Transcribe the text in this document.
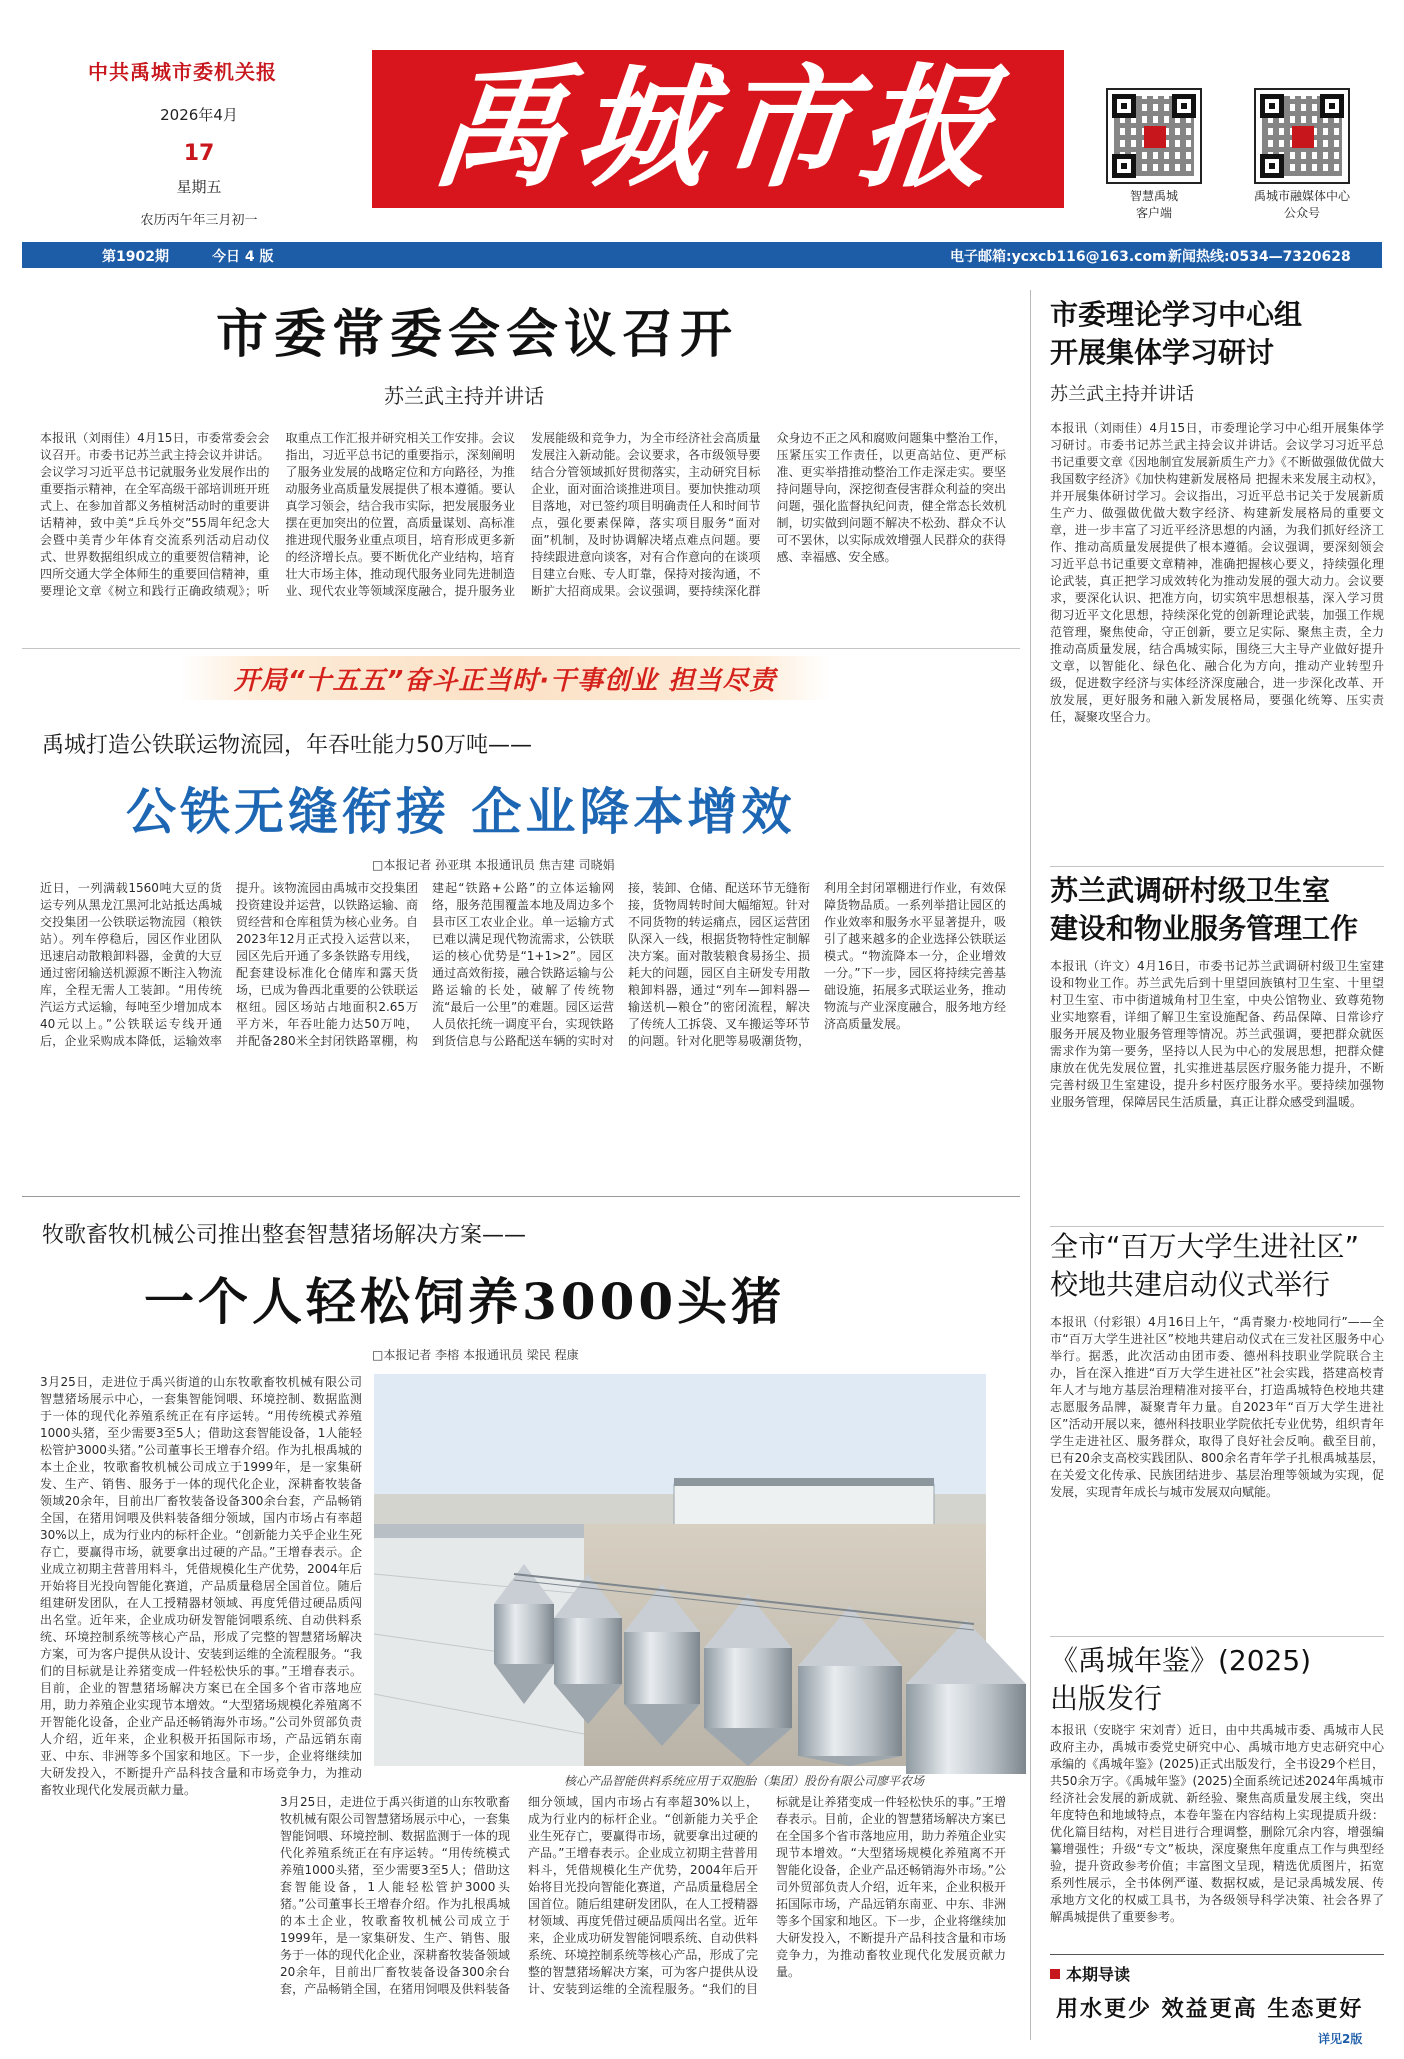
中共禹城市委机关报
2026年4月
17
星期五
农历丙午年三月初一
禹城市报	智慧禹城
客户端
禹城市融媒体中心
公众号
第1902期	今日 4 版	电子邮箱:ycxcb116@163.com 新闻热线:0534—7320628
市委常委会会议召开
苏兰武主持并讲话
本报讯（刘雨佳）4月15日，市委常委会会议召开。市委书记苏兰武主持会议并讲话。会议学习习近平总书记就服务业发展作出的重要指示精神，在全军高级干部培训班开班式上、在参加首都义务植树活动时的重要讲话精神，致中美“乒乓外交”55周年纪念大会暨中美青少年体育交流系列活动启动仪式、世界数据组织成立的重要贺信精神，论四所交通大学全体师生的重要回信精神，重要理论文章《树立和践行正确政绩观》；听取重点工作汇报并研究相关工作安排。会议指出，习近平总书记的重要指示，深刻阐明了服务业发展的战略定位和方向路径，为推动服务业高质量发展提供了根本遵循。要认真学习领会，结合我市实际，把发展服务业摆在更加突出的位置，高质量谋划、高标准推进现代服务业重点项目，培育形成更多新的经济增长点。要不断优化产业结构，培育壮大市场主体，推动现代服务业同先进制造业、现代农业等领域深度融合，提升服务业发展能级和竞争力，为全市经济社会高质量发展注入新动能。会议要求，各市级领导要结合分管领域抓好贯彻落实，主动研究目标企业，面对面洽谈推进项目。要加快推动项目落地，对已签约项目明确责任人和时间节点，强化要素保障，落实项目服务“面对面”机制，及时协调解决堵点难点问题。要持续跟进意向谈客，对有合作意向的在谈项目建立台账、专人盯靠，保持对接沟通，不断扩大招商成果。会议强调，要持续深化群众身边不正之风和腐败问题集中整治工作，压紧压实工作责任，以更高站位、更严标准、更实举措推动整治工作走深走实。要坚持问题导向，深挖彻查侵害群众利益的突出问题，强化监督执纪问责，健全常态长效机制，切实做到问题不解决不松劲、群众不认可不罢休，以实际成效增强人民群众的获得感、幸福感、安全感。
开局“十五五”奋斗正当时·干事创业 担当尽责
禹城打造公铁联运物流园，年吞吐能力50万吨——
公铁无缝衔接 企业降本增效
□本报记者 孙亚琪 本报通讯员 焦吉建 司晓娟
近日，一列满载1560吨大豆的货运专列从黑龙江黑河北站抵达禹城交投集团一公铁联运物流园（粮铁站）。列车停稳后，园区作业团队迅速启动散粮卸料器，金黄的大豆通过密闭输送机源源不断注入物流库，全程无需人工装卸。“用传统汽运方式运输，每吨至少增加成本40元以上。”公铁联运专线开通后，企业采购成本降低，运输效率提升。该物流园由禹城市交投集团投资建设并运营，以铁路运输、商贸经营和仓库租赁为核心业务。自2023年12月正式投入运营以来，园区先后开通了多条铁路专用线，配套建设标准化仓储库和露天货场，已成为鲁西北重要的公铁联运枢纽。园区场站占地面积2.65万平方米，年吞吐能力达50万吨，并配备280米全封闭铁路罩棚，构建起“铁路+公路”的立体运输网络，服务范围覆盖本地及周边多个县市区工农业企业。单一运输方式已难以满足现代物流需求，公铁联运的核心优势是“1+1>2”。园区通过高效衔接，融合铁路运输与公路运输的长处，破解了传统物流“最后一公里”的难题。园区运营人员依托统一调度平台，实现铁路到货信息与公路配送车辆的实时对接，装卸、仓储、配送环节无缝衔接，货物周转时间大幅缩短。针对不同货物的转运痛点，园区运营团队深入一线，根据货物特性定制解决方案。面对散装粮食易扬尘、损耗大的问题，园区自主研发专用散粮卸料器，通过“列车—卸料器—输送机—粮仓”的密闭流程，解决了传统人工拆袋、叉车搬运等环节的问题。针对化肥等易吸潮货物，利用全封闭罩棚进行作业，有效保障货物品质。一系列举措让园区的作业效率和服务水平显著提升，吸引了越来越多的企业选择公铁联运模式。“物流降本一分，企业增效一分。”下一步，园区将持续完善基础设施，拓展多式联运业务，推动物流与产业深度融合，服务地方经济高质量发展。
牧歌畜牧机械公司推出整套智慧猪场解决方案——
一个人轻松饲养3000头猪
□本报记者 李榕 本报通讯员 梁民 程康
3月25日，走进位于禹兴街道的山东牧歌畜牧机械有限公司智慧猪场展示中心，一套集智能饲喂、环境控制、数据监测于一体的现代化养殖系统正在有序运转。“用传统模式养殖1000头猪，至少需要3至5人；借助这套智能设备，1人能轻松管护3000头猪。”公司董事长王增春介绍。作为扎根禹城的本土企业，牧歌畜牧机械公司成立于1999年，是一家集研发、生产、销售、服务于一体的现代化企业，深耕畜牧装备领域20余年，目前出厂畜牧装备设备300余台套，产品畅销全国，在猪用饲喂及供料装备细分领域，国内市场占有率超30%以上，成为行业内的标杆企业。“创新能力关乎企业生死存亡，要赢得市场，就要拿出过硬的产品。”王增春表示。企业成立初期主营普用料斗，凭借规模化生产优势，2004年后开始将目光投向智能化赛道，产品质量稳居全国首位。随后组建研发团队，在人工授精器材领域、再度凭借过硬品质闯出名堂。近年来，企业成功研发智能饲喂系统、自动供料系统、环境控制系统等核心产品，形成了完整的智慧猪场解决方案，可为客户提供从设计、安装到运维的全流程服务。“我们的目标就是让养猪变成一件轻松快乐的事。”王增春表示。目前，企业的智慧猪场解决方案已在全国多个省市落地应用，助力养殖企业实现节本增效。“大型猪场规模化养殖离不开智能化设备，企业产品还畅销海外市场。”公司外贸部负责人介绍，近年来，企业积极开拓国际市场，产品远销东南亚、中东、非洲等多个国家和地区。下一步，企业将继续加大研发投入，不断提升产品科技含量和市场竞争力，为推动畜牧业现代化发展贡献力量。
核心产品智能供料系统应用于双胞胎（集团）股份有限公司廖平农场
3月25日，走进位于禹兴街道的山东牧歌畜牧机械有限公司智慧猪场展示中心，一套集智能饲喂、环境控制、数据监测于一体的现代化养殖系统正在有序运转。“用传统模式养殖1000头猪，至少需要3至5人；借助这套智能设备，1人能轻松管护3000头猪。”公司董事长王增春介绍。作为扎根禹城的本土企业，牧歌畜牧机械公司成立于1999年，是一家集研发、生产、销售、服务于一体的现代化企业，深耕畜牧装备领域20余年，目前出厂畜牧装备设备300余台套，产品畅销全国，在猪用饲喂及供料装备细分领域，国内市场占有率超30%以上，成为行业内的标杆企业。“创新能力关乎企业生死存亡，要赢得市场，就要拿出过硬的产品。”王增春表示。企业成立初期主营普用料斗，凭借规模化生产优势，2004年后开始将目光投向智能化赛道，产品质量稳居全国首位。随后组建研发团队，在人工授精器材领域、再度凭借过硬品质闯出名堂。近年来，企业成功研发智能饲喂系统、自动供料系统、环境控制系统等核心产品，形成了完整的智慧猪场解决方案，可为客户提供从设计、安装到运维的全流程服务。“我们的目标就是让养猪变成一件轻松快乐的事。”王增春表示。目前，企业的智慧猪场解决方案已在全国多个省市落地应用，助力养殖企业实现节本增效。“大型猪场规模化养殖离不开智能化设备，企业产品还畅销海外市场。”公司外贸部负责人介绍，近年来，企业积极开拓国际市场，产品远销东南亚、中东、非洲等多个国家和地区。下一步，企业将继续加大研发投入，不断提升产品科技含量和市场竞争力，为推动畜牧业现代化发展贡献力量。
市委理论学习中心组
开展集体学习研讨
苏兰武主持并讲话
本报讯（刘雨佳）4月15日，市委理论学习中心组开展集体学习研讨。市委书记苏兰武主持会议并讲话。会议学习习近平总书记重要文章《因地制宜发展新质生产力》《不断做强做优做大我国数字经济》《加快构建新发展格局 把握未来发展主动权》，并开展集体研讨学习。会议指出，习近平总书记关于发展新质生产力、做强做优做大数字经济、构建新发展格局的重要文章，进一步丰富了习近平经济思想的内涵，为我们抓好经济工作、推动高质量发展提供了根本遵循。会议强调，要深刻领会习近平总书记重要文章精神，准确把握核心要义，持续强化理论武装，真正把学习成效转化为推动发展的强大动力。会议要求，要深化认识、把准方向，切实筑牢思想根基，深入学习贯彻习近平文化思想，持续深化党的创新理论武装，加强工作规范管理，聚焦使命，守正创新，要立足实际、聚焦主责，全力推动高质量发展，结合禹城实际，围绕三大主导产业做好提升文章，以智能化、绿色化、融合化为方向，推动产业转型升级，促进数字经济与实体经济深度融合，进一步深化改革、开放发展，更好服务和融入新发展格局，要强化统筹、压实责任，凝聚攻坚合力。
苏兰武调研村级卫生室
建设和物业服务管理工作
本报讯（许文）4月16日，市委书记苏兰武调研村级卫生室建设和物业工作。苏兰武先后到十里望回族镇村卫生室、十里望村卫生室、市中街道城角村卫生室，中央公馆物业、致尊苑物业实地察看，详细了解卫生室设施配备、药品保障、日常诊疗服务开展及物业服务管理等情况。苏兰武强调，要把群众就医需求作为第一要务，坚持以人民为中心的发展思想，把群众健康放在优先发展位置，扎实推进基层医疗服务能力提升，不断完善村级卫生室建设，提升乡村医疗服务水平。要持续加强物业服务管理，保障居民生活质量，真正让群众感受到温暖。
全市“百万大学生进社区”
校地共建启动仪式举行
本报讯（付彩银）4月16日上午，“禹青聚力·校地同行”——全市“百万大学生进社区”校地共建启动仪式在三发社区服务中心举行。据悉，此次活动由团市委、德州科技职业学院联合主办，旨在深入推进“百万大学生进社区”社会实践，搭建高校青年人才与地方基层治理精准对接平台，打造禹城特色校地共建志愿服务品牌，凝聚青年力量。自2023年“百万大学生进社区”活动开展以来，德州科技职业学院依托专业优势，组织青年学生走进社区、服务群众，取得了良好社会反响。截至目前，已有20余支高校实践团队、800余名青年学子扎根禹城基层，在关爱文化传承、民族团结进步、基层治理等领域为实现，促发展，实现青年成长与城市发展双向赋能。
《禹城年鉴》(2025)
出版发行
本报讯（安晓宇 宋刘青）近日，由中共禹城市委、禹城市人民政府主办，禹城市委党史研究中心、禹城市地方史志研究中心承编的《禹城年鉴》(2025)正式出版发行，全书设29个栏目，共50余万字。《禹城年鉴》(2025)全面系统记述2024年禹城市经济社会发展的新成就、新经验、聚焦高质量发展主线，突出年度特色和地域特点，本卷年鉴在内容结构上实现提质升级：优化篇目结构，对栏目进行合理调整，删除冗余内容，增强编纂增强性；升级“专文”板块，深度聚焦年度重点工作与典型经验，提升资政参考价值；丰富图文呈现，精选优质图片，拓宽系列性展示，全书体例严谨、数据权威，是记录禹城发展、传承地方文化的权威工具书，为各级领导科学决策、社会各界了解禹城提供了重要参考。
本期导读
用水更少 效益更高 生态更好
详见2版
